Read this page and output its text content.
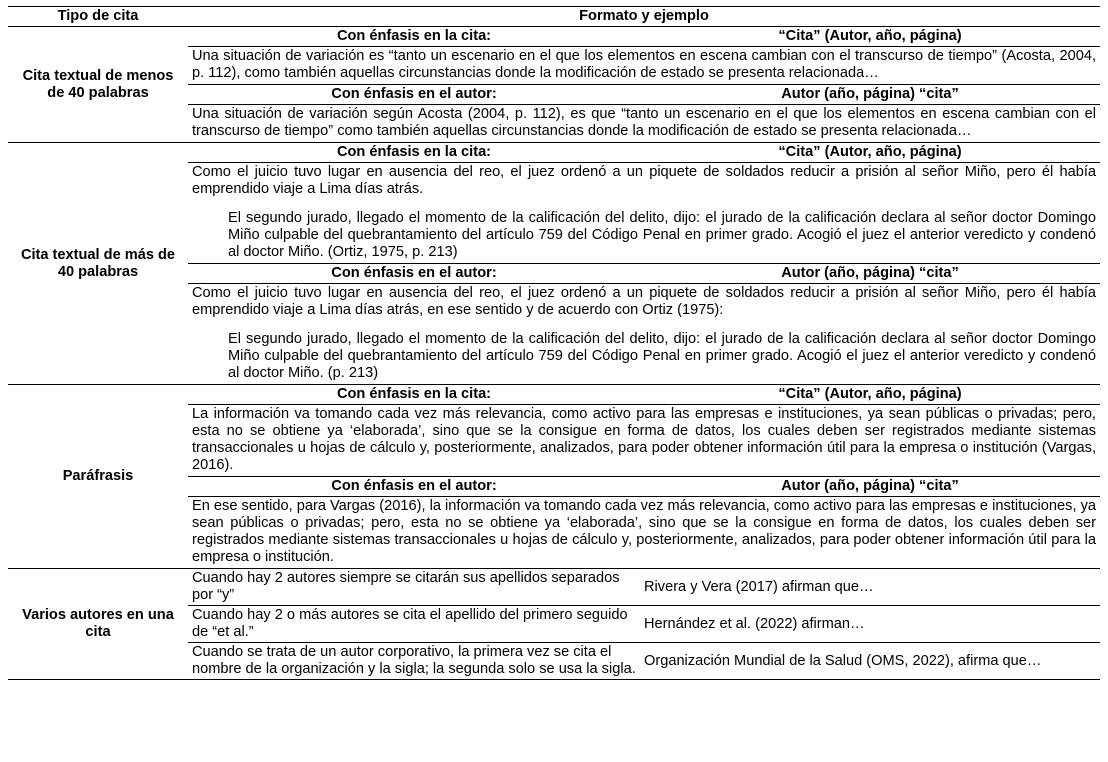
Tipo de cita	Formato y ejemplo	
Cita textual de menos de 40 palabras	Con énfasis en la cita:	“Cita” (Autor, año, página)
	Una situación de variación es “tanto un escenario en el que los elementos en escena cambian con el transcurso de tiempo” (Acosta, 2004, p. 112), como también aquellas circunstancias donde la modificación de estado se presenta relacionada…	
	Con énfasis en el autor:	Autor (año, página) “cita”
	Una situación de variación según Acosta (2004, p. 112), es que “tanto un escenario en el que los elementos en escena cambian con el transcurso de tiempo” como también aquellas circunstancias donde la modificación de estado se presenta relacionada…	
Cita textual de más de 40 palabras	Con énfasis en la cita:	“Cita” (Autor, año, página)

	Como el juicio tuvo lugar en ausencia del reo, el juez ordenó a un piquete de soldados reducir a prisión al señor Miño, pero él había emprendido viaje a Lima días atrás.

El segundo jurado, llegado el momento de la calificación del delito, dijo: el jurado de la calificación declara al señor doctor Domingo Miño culpable del quebrantamiento del artículo 759 del Código Penal en primer grado. Acogió el juez el anterior veredicto y condenó al doctor Miño. (Ortiz, 1975, p. 213)	

	Con énfasis en el autor:	Autor (año, página) “cita”

	Como el juicio tuvo lugar en ausencia del reo, el juez ordenó a un piquete de soldados reducir a prisión al señor Miño, pero él había emprendido viaje a Lima días atrás, en ese sentido y de acuerdo con Ortiz (1975):

El segundo jurado, llegado el momento de la calificación del delito, dijo: el jurado de la calificación declara al señor doctor Domingo Miño culpable del quebrantamiento del artículo 759 del Código Penal en primer grado. Acogió el juez el anterior veredicto y condenó al doctor Miño. (p. 213)	

Paráfrasis	Con énfasis en la cita:	“Cita” (Autor, año, página)
	La información va tomando cada vez más relevancia, como activo para las empresas e instituciones, ya sean públicas o privadas; pero, esta no se obtiene ya ‘elaborada’, sino que se la consigue en forma de datos, los cuales deben ser registrados mediante sistemas transaccionales u hojas de cálculo y, posteriormente, analizados, para poder obtener información útil para la empresa o institución (Vargas, 2016).	
	Con énfasis en el autor:	Autor (año, página) “cita”
	En ese sentido, para Vargas (2016), la información va tomando cada vez más relevancia, como activo para las empresas e instituciones, ya sean públicas o privadas; pero, esta no se obtiene ya ‘elaborada’, sino que se la consigue en forma de datos, los cuales deben ser registrados mediante sistemas transaccionales u hojas de cálculo y, posteriormente, analizados, para poder obtener información útil para la empresa o institución.	
Varios autores en una cita	Cuando hay 2 autores siempre se citarán sus apellidos separados por “y”	Rivera y Vera (2017) afirman que…
	Cuando hay 2 o más autores se cita el apellido del primero seguido de “et al.”	Hernández et al. (2022) afirman…
	Cuando se trata de un autor corporativo, la primera vez se cita el nombre de la organización y la sigla; la segunda solo se usa la sigla.	Organización Mundial de la Salud (OMS, 2022), afirma que…
